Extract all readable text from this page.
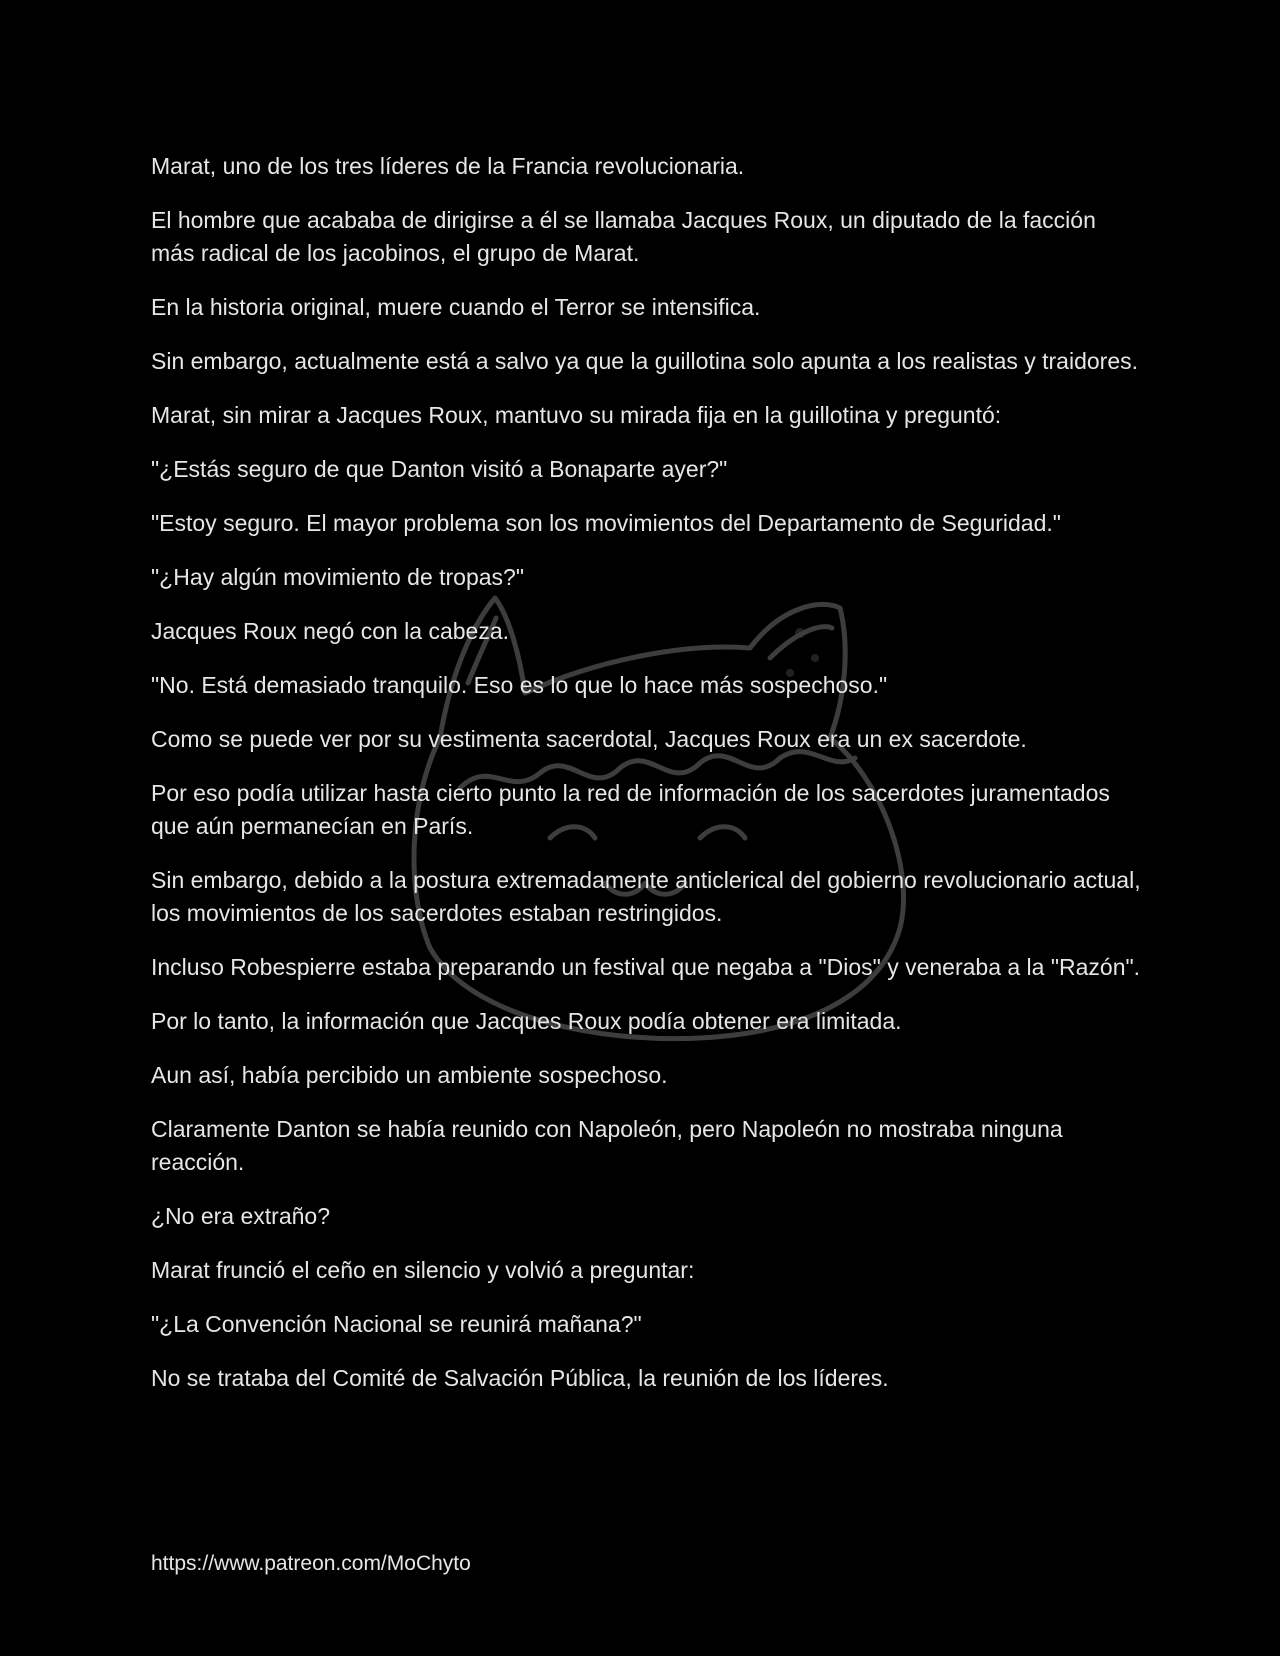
Marat, uno de los tres líderes de la Francia revolucionaria.

El hombre que acababa de dirigirse a él se llamaba Jacques Roux, un diputado de la facción más radical de los jacobinos, el grupo de Marat.

En la historia original, muere cuando el Terror se intensifica.

Sin embargo, actualmente está a salvo ya que la guillotina solo apunta a los realistas y traidores.

Marat, sin mirar a Jacques Roux, mantuvo su mirada fija en la guillotina y preguntó:

"¿Estás seguro de que Danton visitó a Bonaparte ayer?"

"Estoy seguro. El mayor problema son los movimientos del Departamento de Seguridad."

"¿Hay algún movimiento de tropas?"

Jacques Roux negó con la cabeza.

"No. Está demasiado tranquilo. Eso es lo que lo hace más sospechoso."

Como se puede ver por su vestimenta sacerdotal, Jacques Roux era un ex sacerdote.

Por eso podía utilizar hasta cierto punto la red de información de los sacerdotes juramentados que aún permanecían en París.

Sin embargo, debido a la postura extremadamente anticlerical del gobierno revolucionario actual, los movimientos de los sacerdotes estaban restringidos.

Incluso Robespierre estaba preparando un festival que negaba a "Dios" y veneraba a la "Razón".

Por lo tanto, la información que Jacques Roux podía obtener era limitada.

Aun así, había percibido un ambiente sospechoso.

Claramente Danton se había reunido con Napoleón, pero Napoleón no mostraba ninguna reacción.

¿No era extraño?

Marat frunció el ceño en silencio y volvió a preguntar:

"¿La Convención Nacional se reunirá mañana?"

No se trataba del Comité de Salvación Pública, la reunión de los líderes.

https://www.patreon.com/MoChyto
